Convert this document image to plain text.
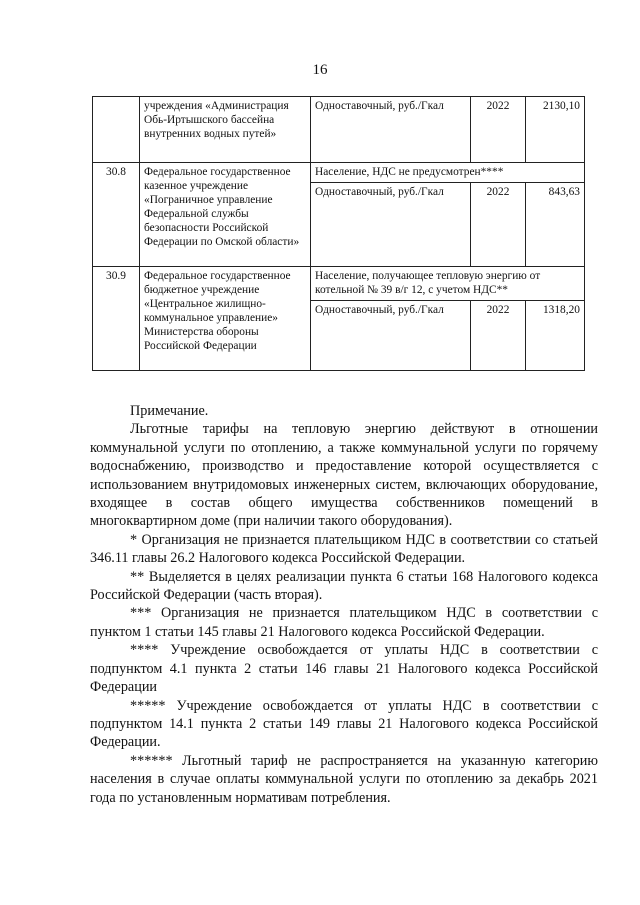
16
	учреждения «Администрация Обь-Иртышского бассейна внутренних водных путей»	Одноставочный, руб./Гкал	2022	2130,10
30.8	Федеральное государственное казенное учреждение «Пограничное управление Федеральной службы безопасности Российской Федерации по Омской области»	Население, НДС не предусмотрен****		
		Одноставочный, руб./Гкал	2022	843,63
30.9	Федеральное государственное бюджетное учреждение «Центральное жилищно-коммунальное управление» Министерства обороны Российской Федерации	Население, получающее тепловую энергию от котельной № 39 в/г 12, с учетом НДС**		
		Одноставочный, руб./Гкал	2022	1318,20

Примечание.

Льготные тарифы на тепловую энергию действуют в отношении коммунальной услуги по отоплению, а также коммунальной услуги по горячему водоснабжению, производство и предоставление которой осуществляется с использованием внутридомовых инженерных систем, включающих оборудование, входящее в состав общего имущества собственников помещений в многоквартирном доме (при наличии такого оборудования).

* Организация не признается плательщиком НДС в соответствии со статьей 346.11 главы 26.2 Налогового кодекса Российской Федерации.

** Выделяется в целях реализации пункта 6 статьи 168 Налогового кодекса Российской Федерации (часть вторая).

*** Организация не признается плательщиком НДС в соответствии с пунктом 1 статьи 145 главы 21 Налогового кодекса Российской Федерации.

**** Учреждение освобождается от уплаты НДС в соответствии с подпунктом 4.1 пункта 2 статьи 146 главы 21 Налогового кодекса Российской Федерации

***** Учреждение освобождается от уплаты НДС в соответствии с подпунктом 14.1 пункта 2 статьи 149 главы 21 Налогового кодекса Российской Федерации.

****** Льготный тариф не распространяется на указанную категорию населения в случае оплаты коммунальной услуги по отоплению за декабрь 2021 года по установленным нормативам потребления.
